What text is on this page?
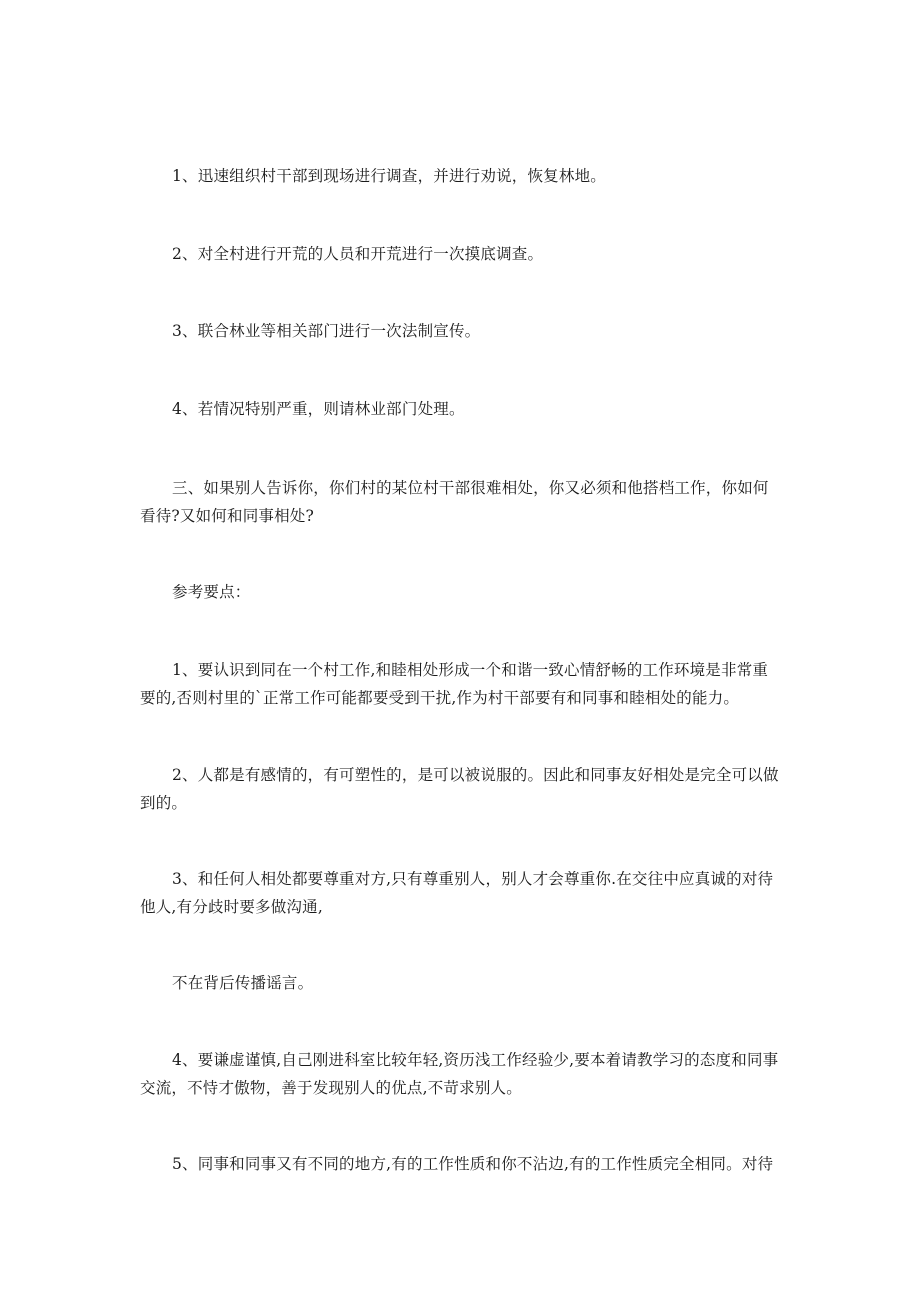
1、迅速组织村干部到现场进行调查，并进行劝说，恢复林地。

2、对全村进行开荒的人员和开荒进行一次摸底调查。

3、联合林业等相关部门进行一次法制宣传。

4、若情况特别严重，则请林业部门处理。

三、如果别人告诉你，你们村的某位村干部很难相处，你又必须和他搭档工作，你如何看待?又如何和同事相处?

参考要点：

1、要认识到同在一个村工作,和睦相处形成一个和谐一致心情舒畅的工作环境是非常重要的,否则村里的`正常工作可能都要受到干扰,作为村干部要有和同事和睦相处的能力。

2、人都是有感情的，有可塑性的，是可以被说服的。因此和同事友好相处是完全可以做到的。

3、和任何人相处都要尊重对方,只有尊重别人，别人才会尊重你.在交往中应真诚的对待他人,有分歧时要多做沟通,

不在背后传播谣言。

4、要谦虚谨慎,自己刚进科室比较年轻,资历浅工作经验少,要本着请教学习的态度和同事交流，不恃才傲物，善于发现别人的优点,不苛求别人。

5、同事和同事又有不同的地方,有的工作性质和你不沾边,有的工作性质完全相同。对待
